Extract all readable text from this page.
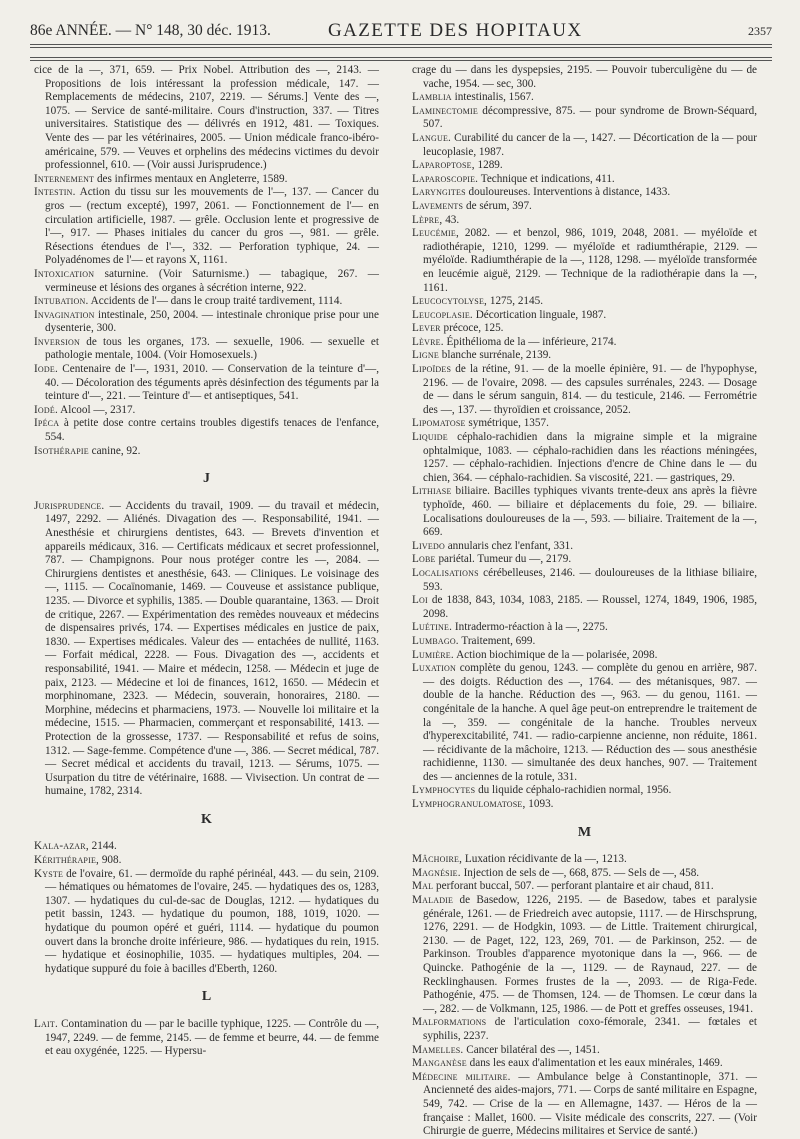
86e ANNÉE. — N° 148, 30 déc. 1913.	GAZETTE DES HOPITAUX	2357
cice de la —, 371, 659. — Prix Nobel. Attribution des —, 2143. — Propositions de lois intéressant la profession médicale, 147. — Remplacements de médecins, 2107, 2219. — Sérums.] Vente des —, 1075. — Service de santé-militaire. Cours d'instruction, 337. — Titres universitaires. Statistique des — délivrés en 1912, 481. — Toxiques. Vente des — par les vétérinaires, 2005. — Union médicale franco-ibéro-américaine, 579. — Veuves et orphelins des médecins victimes du devoir professionnel, 610. — (Voir aussi Jurisprudence.)
Internement des infirmes mentaux en Angleterre, 1589.
Intestin. Action du tissu sur les mouvements de l'—, 137. — Cancer du gros — (rectum excepté), 1997, 2061. — Fonctionnement de l'— en circulation artificielle, 1987. — grêle. Occlusion lente et progressive de l'—, 917. — Phases initiales du cancer du gros —, 981. — grêle. Résections étendues de l'—, 332. — Perforation typhique, 24. — Polyadénomes de l'— et rayons X, 1161.
Intoxication saturnine. (Voir Saturnisme.) — tabagique, 267. — vermineuse et lésions des organes à sécrétion interne, 922.
Intubation. Accidents de l'— dans le croup traité tardivement, 1114.
Invagination intestinale, 250, 2004. — intestinale chronique prise pour une dysenterie, 300.
Inversion de tous les organes, 173. — sexuelle, 1906. — sexuelle et pathologie mentale, 1004. (Voir Homosexuels.)
Iode. Centenaire de l'—, 1931, 2010. — Conservation de la teinture d'—, 40. — Décoloration des téguments après désinfection des téguments par la teinture d'—, 221. — Teinture d'— et antiseptiques, 541.
Iodé. Alcool —, 2317.
Ipéca à petite dose contre certains troubles digestifs tenaces de l'enfance, 554.
Isothérapie canine, 92.
J
Jurisprudence. — Accidents du travail, 1909. — du travail et médecin, 1497, 2292. — Aliénés. Divagation des —. Responsabilité, 1941. — Anesthésie et chirurgiens dentistes, 643. — Brevets d'invention et appareils médicaux, 316. — Certificats médicaux et secret professionnel, 787. — Champignons. Pour nous protéger contre les —, 2084. — Chirurgiens dentistes et anesthésie, 643. — Cliniques. Le voisinage des —, 1115. — Cocaïnomanie, 1469. — Couveuse et assistance publique, 1235. — Divorce et syphilis, 1385. — Double quarantaine, 1363. — Droit de critique, 2267. — Expérimentation des remèdes nouveaux et médecins de dispensaires privés, 174. — Expertises médicales en justice de paix, 1830. — Expertises médicales. Valeur des — entachées de nullité, 1163. — Forfait médical, 2228. — Fous. Divagation des —, accidents et responsabilité, 1941. — Maire et médecin, 1258. — Médecin et juge de paix, 2123. — Médecine et loi de finances, 1612, 1650. — Médecin et morphinomane, 2323. — Médecin, souverain, honoraires, 2180. — Morphine, médecins et pharmaciens, 1973. — Nouvelle loi militaire et la médecine, 1515. — Pharmacien, commerçant et responsabilité, 1413. — Protection de la grossesse, 1737. — Responsabilité et refus de soins, 1312. — Sage-femme. Compétence d'une —, 386. — Secret médical, 787. — Secret médical et accidents du travail, 1213. — Sérums, 1075. — Usurpation du titre de vétérinaire, 1688. — Vivisection. Un contrat de — humaine, 1782, 2314.
K
Kala-azar, 2144.
Kérithérapie, 908.
Kyste de l'ovaire, 61. — dermoïde du raphé périnéal, 443. — du sein, 2109. — hématiques ou hématomes de l'ovaire, 245. — hydatiques des os, 1283, 1307. — hydatiques du cul-de-sac de Douglas, 1212. — hydatiques du petit bassin, 1243. — hydatique du poumon, 188, 1019, 1020. — hydatique du poumon opéré et guéri, 1114. — hydatique du poumon ouvert dans la bronche droite inférieure, 986. — hydatiques du rein, 1915. — hydatique et éosinophilie, 1035. — hydatiques multiples, 204. — hydatique suppuré du foie à bacilles d'Eberth, 1260.
L
Lait. Contamination du — par le bacille typhique, 1225. — Contrôle du —, 1947, 2249. — de femme, 2145. — de femme et beurre, 44. — de femme et eau oxygénée, 1225. — Hypersu-
crage du — dans les dyspepsies, 2195. — Pouvoir tuberculigène du — de vache, 1954. — sec, 300.
Lamblia intestinalis, 1567.
Laminectomie décompressive, 875. — pour syndrome de Brown-Séquard, 507.
Langue. Curabilité du cancer de la —, 1427. — Décortication de la — pour leucoplasie, 1987.
Laparoptose, 1289.
Laparoscopie. Technique et indications, 411.
Laryngites douloureuses. Interventions à distance, 1433.
Lavements de sérum, 397.
Lèpre, 43.
Leucémie, 2082. — et benzol, 986, 1019, 2048, 2081. — myéloïde et radiothérapie, 1210, 1299. — myéloïde et radiumthérapie, 2129. — myéloïde. Radiumthérapie de la —, 1128, 1298. — myéloïde transformée en leucémie aiguë, 2129. — Technique de la radiothérapie dans la —, 1161.
Leucocytolyse, 1275, 2145.
Leucoplasie. Décortication linguale, 1987.
Lever précoce, 125.
Lèvre. Épithélioma de la — inférieure, 2174.
Ligne blanche surrénale, 2139.
Lipoïdes de la rétine, 91. — de la moelle épinière, 91. — de l'hypophyse, 2196. — de l'ovaire, 2098. — des capsules surrénales, 2243. — Dosage de — dans le sérum sanguin, 814. — du testicule, 2146. — Ferrométrie des —, 137. — thyroïdien et croissance, 2052.
Lipomatose symétrique, 1357.
Liquide céphalo-rachidien dans la migraine simple et la migraine ophtalmique, 1083. — céphalo-rachidien dans les réactions méningées, 1257. — céphalo-rachidien. Injections d'encre de Chine dans le — du chien, 364. — céphalo-rachidien. Sa viscosité, 221. — gastriques, 29.
Lithiase biliaire. Bacilles typhiques vivants trente-deux ans après la fièvre typhoïde, 460. — biliaire et déplacements du foie, 29. — biliaire. Localisations douloureuses de la —, 593. — biliaire. Traitement de la —, 669.
Livedo annularis chez l'enfant, 331.
Lobe pariétal. Tumeur du —, 2179.
Localisations cérébelleuses, 2146. — douloureuses de la lithiase biliaire, 593.
Loi de 1838, 843, 1034, 1083, 2185. — Roussel, 1274, 1849, 1906, 1985, 2098.
Luétine. Intradermo-réaction à la —, 2275.
Lumbago. Traitement, 699.
Lumière. Action biochimique de la — polarisée, 2098.
Luxation complète du genou, 1243. — complète du genou en arrière, 987. — des doigts. Réduction des —, 1764. — des métanisques, 987. — double de la hanche. Réduction des —, 963. — du genou, 1161. — congénitale de la hanche. A quel âge peut-on entreprendre le traitement de la —, 359. — congénitale de la hanche. Troubles nerveux d'hyperexcitabilité, 741. — radio-carpienne ancienne, non réduite, 1861. — récidivante de la mâchoire, 1213. — Réduction des — sous anesthésie rachidienne, 1130. — simultanée des deux hanches, 907. — Traitement des — anciennes de la rotule, 331.
Lymphocytes du liquide céphalo-rachidien normal, 1956.
Lymphogranulomatose, 1093.
M
Mâchoire, Luxation récidivante de la —, 1213.
Magnésie. Injection de sels de —, 668, 875. — Sels de —, 458.
Mal perforant buccal, 507. — perforant plantaire et air chaud, 811.
Maladie de Basedow, 1226, 2195. — de Basedow, tabes et paralysie générale, 1261. — de Friedreich avec autopsie, 1117. — de Hirschsprung, 1276, 2291. — de Hodgkin, 1093. — de Little. Traitement chirurgical, 2130. — de Paget, 122, 123, 269, 701. — de Parkinson, 252. — de Parkinson. Troubles d'apparence myotonique dans la —, 966. — de Quincke. Pathogénie de la —, 1129. — de Raynaud, 227. — de Recklinghausen. Formes frustes de la —, 2093. — de Riga-Fede. Pathogénie, 475. — de Thomsen, 124. — de Thomsen. Le cœur dans la —, 282. — de Volkmann, 125, 1986. — de Pott et greffes osseuses, 1941.
Malformations de l'articulation coxo-fémorale, 2341. — fœtales et syphilis, 2237.
Mamelles. Cancer bilatéral des —, 1451.
Manganèse dans les eaux d'alimentation et les eaux minérales, 1469.
Médecine militaire. — Ambulance belge à Constantinople, 371. — Ancienneté des aides-majors, 771. — Corps de santé militaire en Espagne, 549, 742. — Crise de la — en Allemagne, 1437. — Héros de la — française : Mallet, 1600. — Visite médicale des conscrits, 227. — (Voir Chirurgie de guerre, Médecins militaires et Service de santé.)
